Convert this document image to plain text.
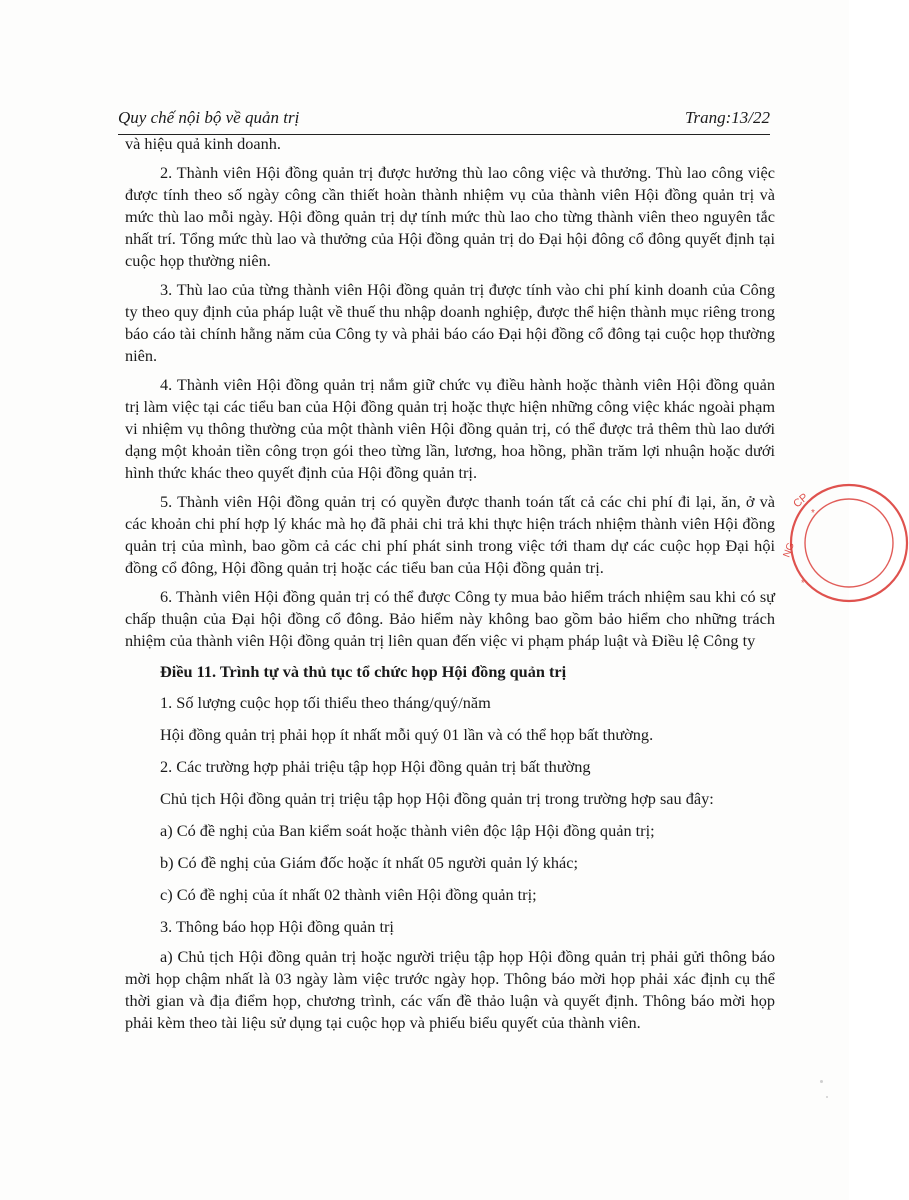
Quy chế nội bộ về quản trị	Trang:13/22

và hiệu quả kinh doanh.

2. Thành viên Hội đồng quản trị được hưởng thù lao công việc và thưởng. Thù lao công việc được tính theo số ngày công cần thiết hoàn thành nhiệm vụ của thành viên Hội đồng quản trị và mức thù lao mỗi ngày. Hội đồng quản trị dự tính mức thù lao cho từng thành viên theo nguyên tắc nhất trí. Tổng mức thù lao và thưởng của Hội đồng quản trị do Đại hội đông cổ đông quyết định tại cuộc họp thường niên.

3. Thù lao của từng thành viên Hội đồng quản trị được tính vào chi phí kinh doanh của Công ty theo quy định của pháp luật về thuế thu nhập doanh nghiệp, được thể hiện thành mục riêng trong báo cáo tài chính hằng năm của Công ty và phải báo cáo Đại hội đồng cổ đông tại cuộc họp thường niên.

4. Thành viên Hội đồng quản trị nắm giữ chức vụ điều hành hoặc thành viên Hội đồng quản trị làm việc tại các tiểu ban của Hội đồng quản trị hoặc thực hiện những công việc khác ngoài phạm vi nhiệm vụ thông thường của một thành viên Hội đồng quản trị, có thể được trả thêm thù lao dưới dạng một khoản tiền công trọn gói theo từng lần, lương, hoa hồng, phần trăm lợi nhuận hoặc dưới hình thức khác theo quyết định của Hội đồng quản trị.

5. Thành viên Hội đồng quản trị có quyền được thanh toán tất cả các chi phí đi lại, ăn, ở và các khoản chi phí hợp lý khác mà họ đã phải chi trả khi thực hiện trách nhiệm thành viên Hội đồng quản trị của mình, bao gồm cả các chi phí phát sinh trong việc tới tham dự các cuộc họp Đại hội đồng cổ đông, Hội đồng quản trị hoặc các tiểu ban của Hội đồng quản trị.

6. Thành viên Hội đồng quản trị có thể được Công ty mua bảo hiểm trách nhiệm sau khi có sự chấp thuận của Đại hội đồng cổ đông. Bảo hiểm này không bao gồm bảo hiểm cho những trách nhiệm của thành viên Hội đồng quản trị liên quan đến việc vi phạm pháp luật và Điều lệ Công ty

Điều 11. Trình tự và thủ tục tổ chức họp Hội đồng quản trị

1. Số lượng cuộc họp tối thiểu theo tháng/quý/năm

Hội đồng quản trị phải họp ít nhất mỗi quý 01 lần và có thể họp bất thường.

2. Các trường hợp phải triệu tập họp Hội đồng quản trị bất thường

Chủ tịch Hội đồng quản trị triệu tập họp Hội đồng quản trị trong trường hợp sau đây:

a) Có đề nghị của Ban kiểm soát hoặc thành viên độc lập Hội đồng quản trị;

b) Có đề nghị của Giám đốc hoặc ít nhất 05 người quản lý khác;

c) Có đề nghị của ít nhất 02 thành viên Hội đồng quản trị;

3. Thông báo họp Hội đồng quản trị

a) Chủ tịch Hội đồng quản trị hoặc người triệu tập họp Hội đồng quản trị phải gửi thông báo mời họp chậm nhất là 03 ngày làm việc trước ngày họp. Thông báo mời họp phải xác định cụ thể thời gian và địa điểm họp, chương trình, các vấn đề thảo luận và quyết định. Thông báo mời họp phải kèm theo tài liệu sử dụng tại cuộc họp và phiếu biểu quyết của thành viên.

CP
*
NG
*
